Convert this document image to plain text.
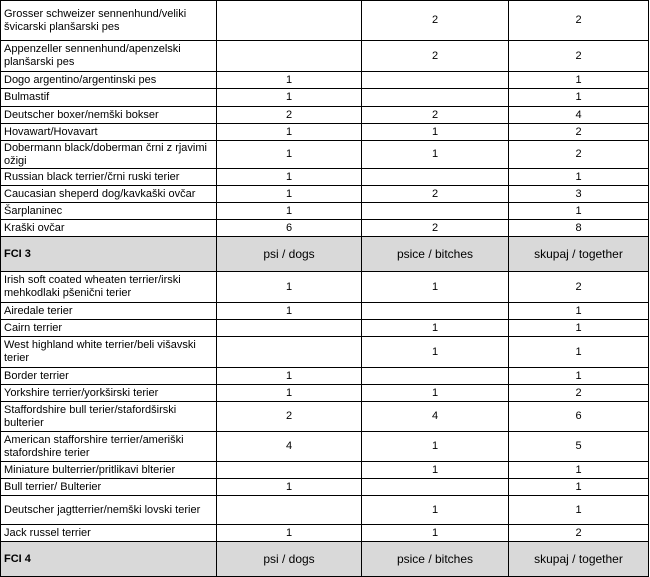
Grosser schweizer sennenhund/veliki švicarski planšarski pes		2	2
Appenzeller sennenhund/apenzelski planšarski pes		2	2
Dogo argentino/argentinski pes	1		1
Bulmastif	1		1
Deutscher boxer/nemški bokser	2	2	4
Hovawart/Hovavart	1	1	2
Dobermann black/doberman črni z rjavimi ožigi	1	1	2
Russian black terrier/črni ruski terier	1		1
Caucasian sheperd dog/kavkaški ovčar	1	2	3
Šarplaninec	1		1
Kraški ovčar	6	2	8
FCI 3	psi / dogs	psice / bitches	skupaj / together
Irish soft coated wheaten terrier/irski mehkodlaki pšenični terier	1	1	2
Airedale terier	1		1
Cairn terrier		1	1
West highland white terrier/beli višavski terier		1	1
Border terrier	1		1
Yorkshire terrier/yorkširski terier	1	1	2
Staffordshire bull terier/stafordširski bulterier	2	4	6
American stafforshire terrier/ameriški stafordshire terier	4	1	5
Miniature bulterrier/pritlikavi blterier		1	1
Bull terrier/ Bulterier	1		1
Deutscher jagtterrier/nemški lovski terier		1	1
Jack russel terrier	1	1	2
FCI 4	psi / dogs	psice / bitches	skupaj / together
